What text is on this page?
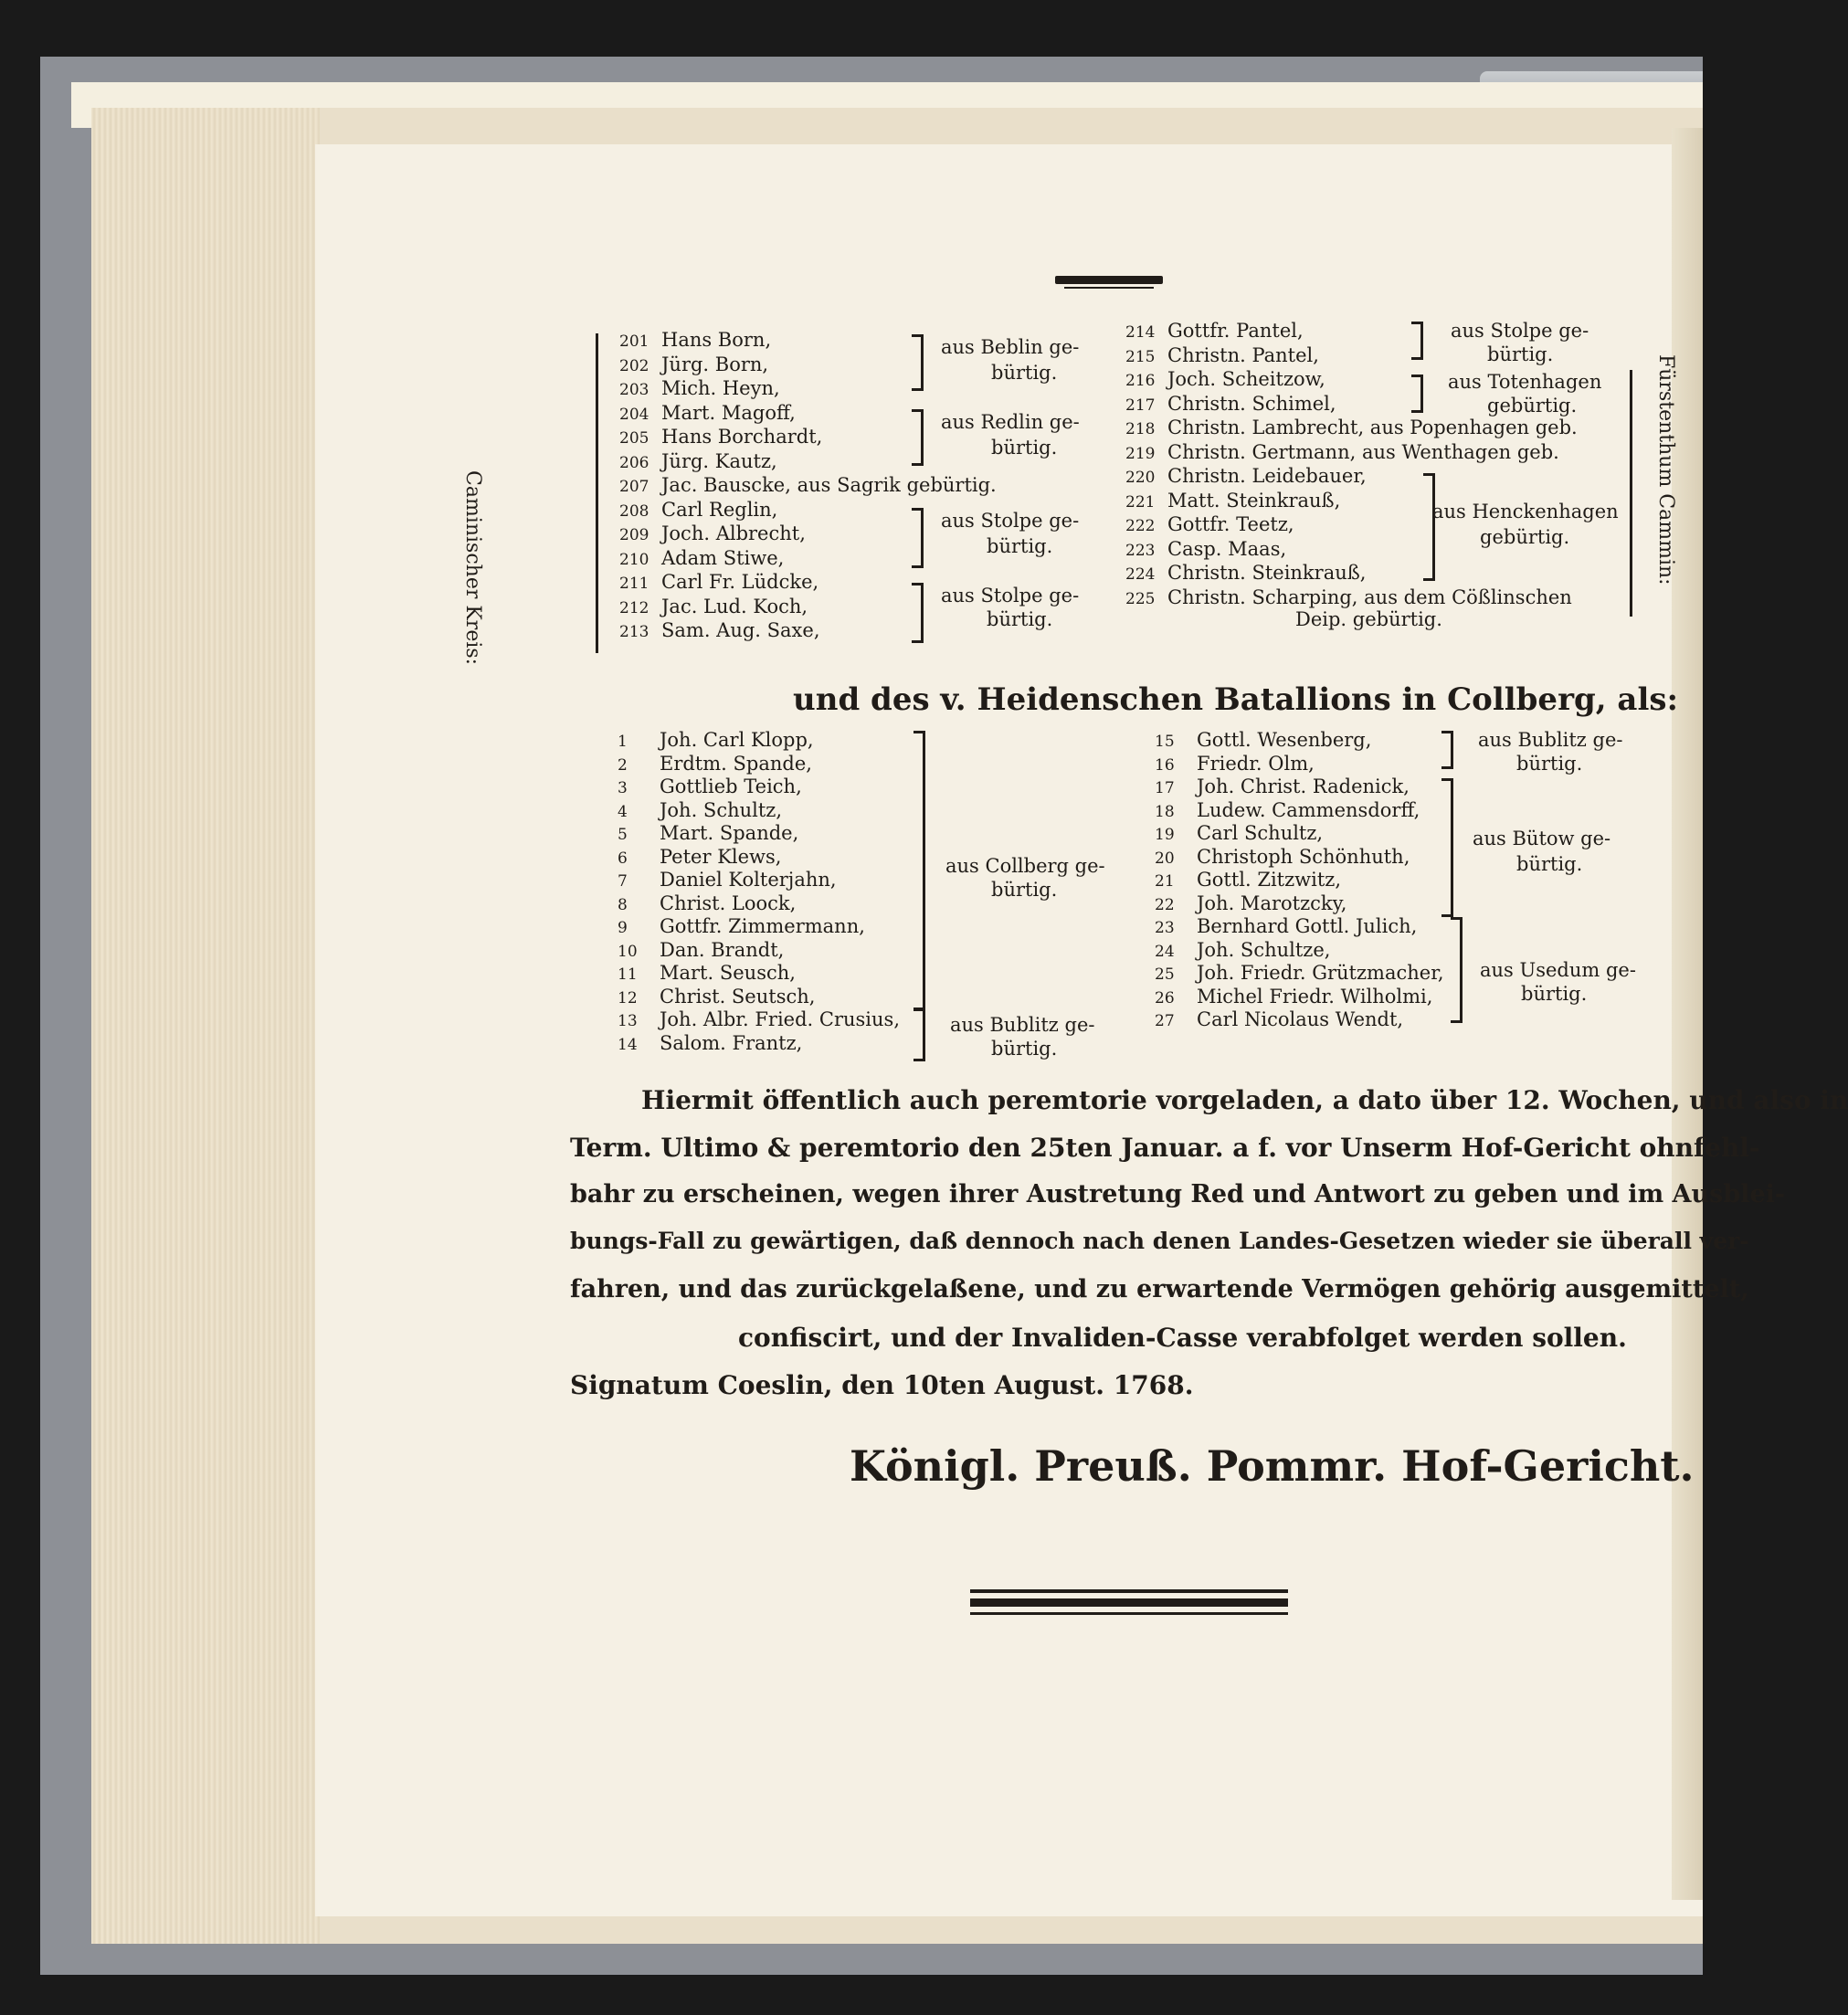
Caminischer Kreis:	Fürstenthum Cammin:
201 Hans Born,
202 Jürg. Born,
203 Mich. Heyn,
204 Mart. Magoff,
205 Hans Borchardt,
206 Jürg. Kautz,
207 Jac. Bauscke, aus Sagrik gebürtig.
208 Carl Reglin,
209 Joch. Albrecht,
210 Adam Stiwe,
211 Carl Fr. Lüdcke,
212 Jac. Lud. Koch,
213 Sam. Aug. Saxe,
aus Beblin ge-
bürtig.
aus Redlin ge-
bürtig.
aus Stolpe ge-
bürtig.
aus Stolpe ge-
bürtig.
214 Gottfr. Pantel,
215 Christn. Pantel,
216 Joch. Scheitzow,
217 Christn. Schimel,
218 Christn. Lambrecht, aus Popenhagen geb.
219 Christn. Gertmann, aus Wenthagen geb.
220 Christn. Leidebauer,
221 Matt. Steinkrauß,
222 Gottfr. Teetz,
223 Casp. Maas,
224 Christn. Steinkrauß,
225 Christn. Scharping, aus dem Cößlinschen
Deip. gebürtig.
aus Stolpe ge-
bürtig.
aus Totenhagen
gebürtig.
aus Henckenhagen
gebürtig.
und des v. Heidenschen Batallions in Collberg, als:
1 Joh. Carl Klopp,
2 Erdtm. Spande,
3 Gottlieb Teich,
4 Joh. Schultz,
5 Mart. Spande,
6 Peter Klews,
7 Daniel Kolterjahn,
8 Christ. Loock,
9 Gottfr. Zimmermann,
10 Dan. Brandt,
11 Mart. Seusch,
12 Christ. Seutsch,
13 Joh. Albr. Fried. Crusius,
14 Salom. Frantz,
aus Collberg ge-
bürtig.
aus Bublitz ge-
bürtig.
15 Gottl. Wesenberg,
16 Friedr. Olm,
17 Joh. Christ. Radenick,
18 Ludew. Cammensdorff,
19 Carl Schultz,
20 Christoph Schönhuth,
21 Gottl. Zitzwitz,
22 Joh. Marotzcky,
23 Bernhard Gottl. Julich,
24 Joh. Schultze,
25 Joh. Friedr. Grützmacher,
26 Michel Friedr. Wilholmi,
27 Carl Nicolaus Wendt,
aus Bublitz ge-
bürtig.
aus Bütow ge-
bürtig.
aus Usedum ge-
bürtig.
Hiermit öffentlich auch peremtorie vorgeladen, a dato über 12. Wochen, und also in
Term. Ultimo & peremtorio den 25ten Januar. a f. vor Unserm Hof-Gericht ohnfehl-
bahr zu erscheinen, wegen ihrer Austretung Red und Antwort zu geben und im Ausblei-
bungs-Fall zu gewärtigen, daß dennoch nach denen Landes-Gesetzen wieder sie überall ver-
fahren, und das zurückgelaßene, und zu erwartende Vermögen gehörig ausgemittelt,
confiscirt, und der Invaliden-Casse verabfolget werden sollen.
Signatum Coeslin, den 10ten August. 1768.
Königl. Preuß. Pommr. Hof-Gericht.
